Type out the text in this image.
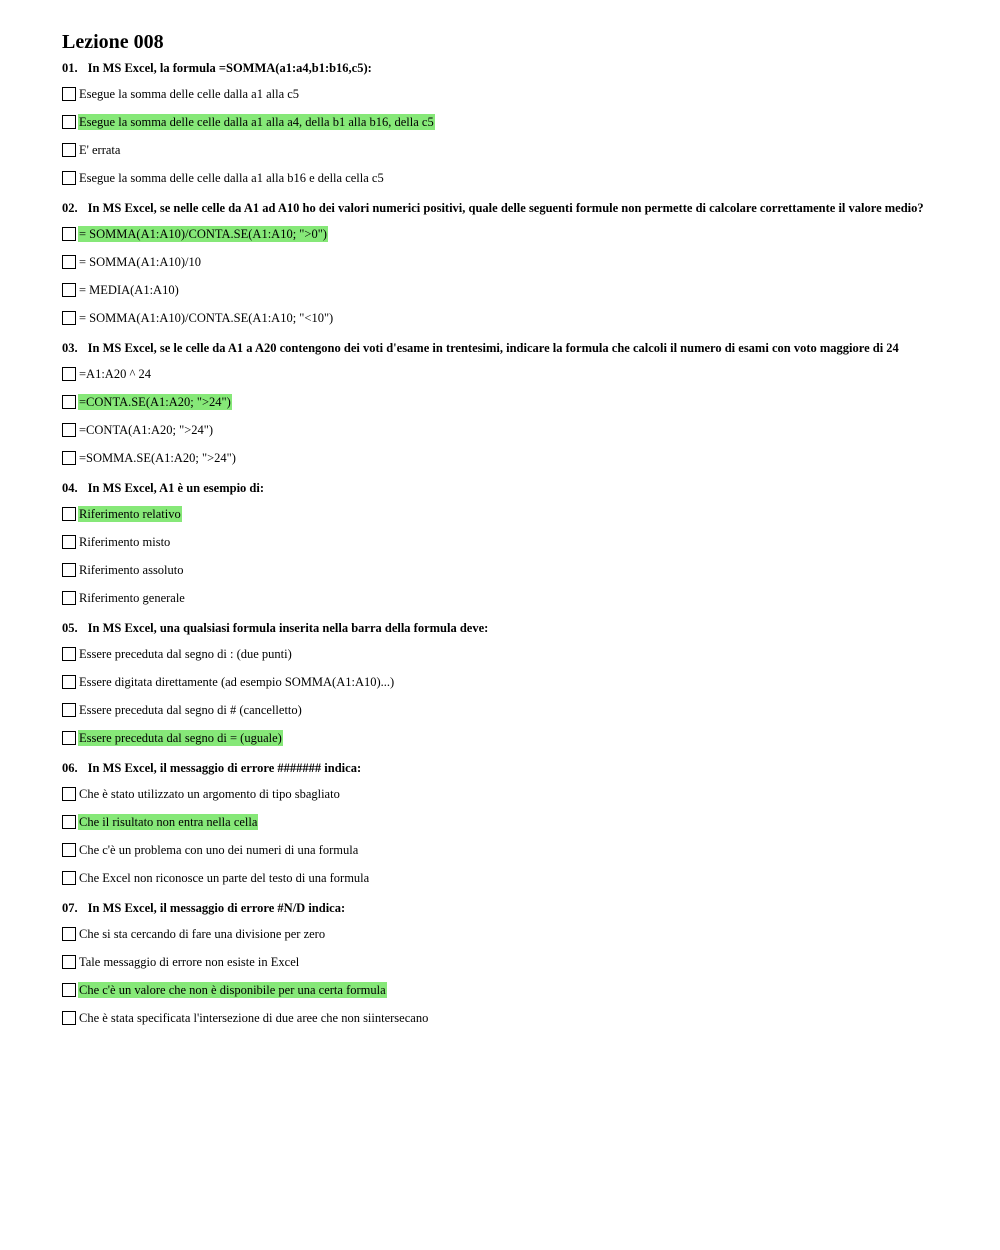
Lezione 008
01. In MS Excel, la formula =SOMMA(a1:a4,b1:b16,c5):
Esegue la somma delle celle dalla a1 alla c5
Esegue la somma delle celle dalla a1 alla a4, della b1 alla b16, della c5
E' errata
Esegue la somma delle celle dalla a1 alla b16 e della cella c5
02. In MS Excel, se nelle celle da A1 ad A10 ho dei valori numerici positivi, quale delle seguenti formule non permette di calcolare correttamente il valore medio?
= SOMMA(A1:A10)/CONTA.SE(A1:A10; ">0")
= SOMMA(A1:A10)/10
= MEDIA(A1:A10)
= SOMMA(A1:A10)/CONTA.SE(A1:A10; "<10")
03. In MS Excel, se le celle da A1 a A20 contengono dei voti d'esame in trentesimi, indicare la formula che calcoli il numero di esami con voto maggiore di 24
=A1:A20 ^ 24
=CONTA.SE(A1:A20; ">24")
=CONTA(A1:A20; ">24")
=SOMMA.SE(A1:A20; ">24")
04. In MS Excel, A1 è un esempio di:
Riferimento relativo
Riferimento misto
Riferimento assoluto
Riferimento generale
05. In MS Excel, una qualsiasi formula inserita nella barra della formula deve:
Essere preceduta dal segno di : (due punti)
Essere digitata direttamente (ad esempio SOMMA(A1:A10)...)
Essere preceduta dal segno di # (cancelletto)
Essere preceduta dal segno di = (uguale)
06. In MS Excel, il messaggio di errore ####### indica:
Che è stato utilizzato un argomento di tipo sbagliato
Che il risultato non entra nella cella
Che c'è un problema con uno dei numeri di una formula
Che Excel non riconosce un parte del testo di una formula
07. In MS Excel, il messaggio di errore #N/D indica:
Che si sta cercando di fare una divisione per zero
Tale messaggio di errore non esiste in Excel
Che c'è un valore che non è disponibile per una certa formula
Che è stata specificata l'intersezione di due aree che non siintersecano
